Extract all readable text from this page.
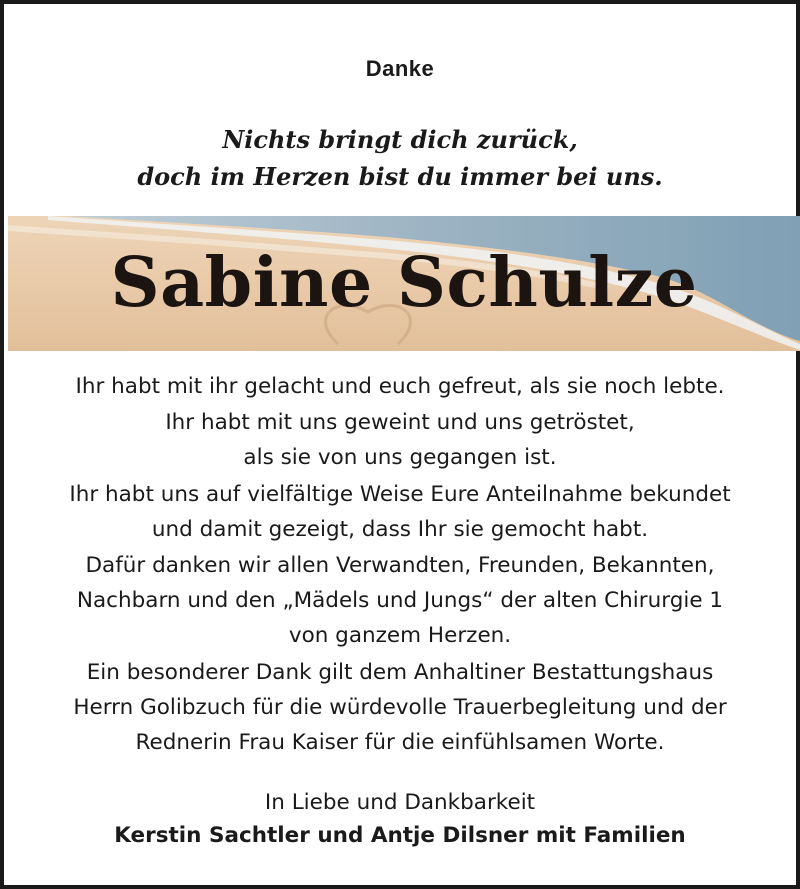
Danke
Nichts bringt dich zurück,
doch im Herzen bist du immer bei uns.
Sabine Schulze
Ihr habt mit ihr gelacht und euch gefreut, als sie noch lebte.
Ihr habt mit uns geweint und uns getröstet,
als sie von uns gegangen ist.
Ihr habt uns auf vielfältige Weise Eure Anteilnahme bekundet
und damit gezeigt, dass Ihr sie gemocht habt.
Dafür danken wir allen Verwandten, Freunden, Bekannten,
Nachbarn und den „Mädels und Jungs“ der alten Chirurgie 1
von ganzem Herzen.
Ein besonderer Dank gilt dem Anhaltiner Bestattungshaus
Herrn Golibzuch für die würdevolle Trauerbegleitung und der
Rednerin Frau Kaiser für die einfühlsamen Worte.
In Liebe und Dankbarkeit
Kerstin Sachtler und Antje Dilsner mit Familien
